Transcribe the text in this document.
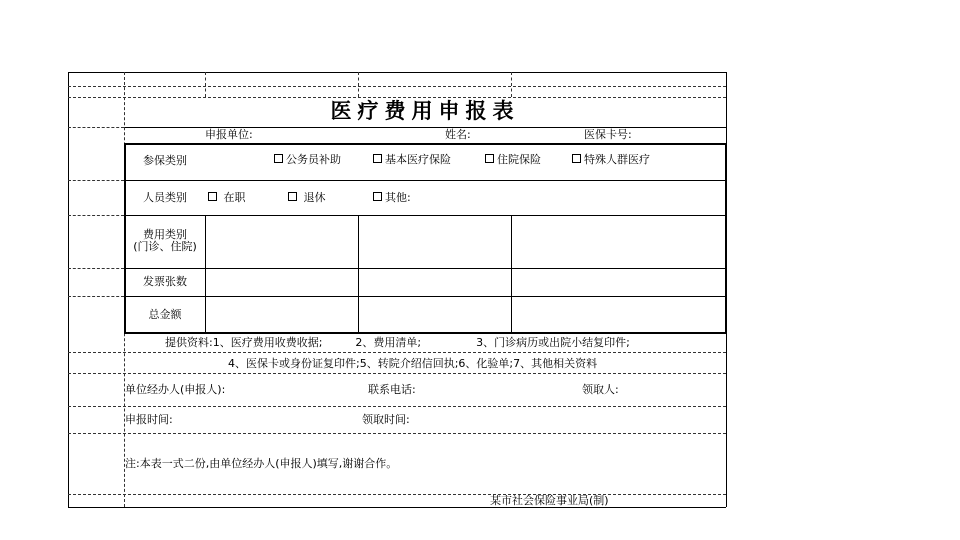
医疗费用申报表
申报单位:	姓名:	医保卡号:
参保类别	公务员补助	基本医疗保险	住院保险	特殊人群医疗
人员类别	在职	退休	其他:
费用类别
(门诊、住院)
发票张数
总金额
提供资料:1、医疗费用收费收据;　　　2、费用清单;　　　　　3、门诊病历或出院小结复印件;
4、医保卡或身份证复印件;5、转院介绍信回执;6、化验单;7、其他相关资料
单位经办人(申报人):	联系电话:	领取人:
申报时间:	领取时间:
注:本表一式二份,由单位经办人(申报人)填写,谢谢合作。
某市社会保险事业局(制)
